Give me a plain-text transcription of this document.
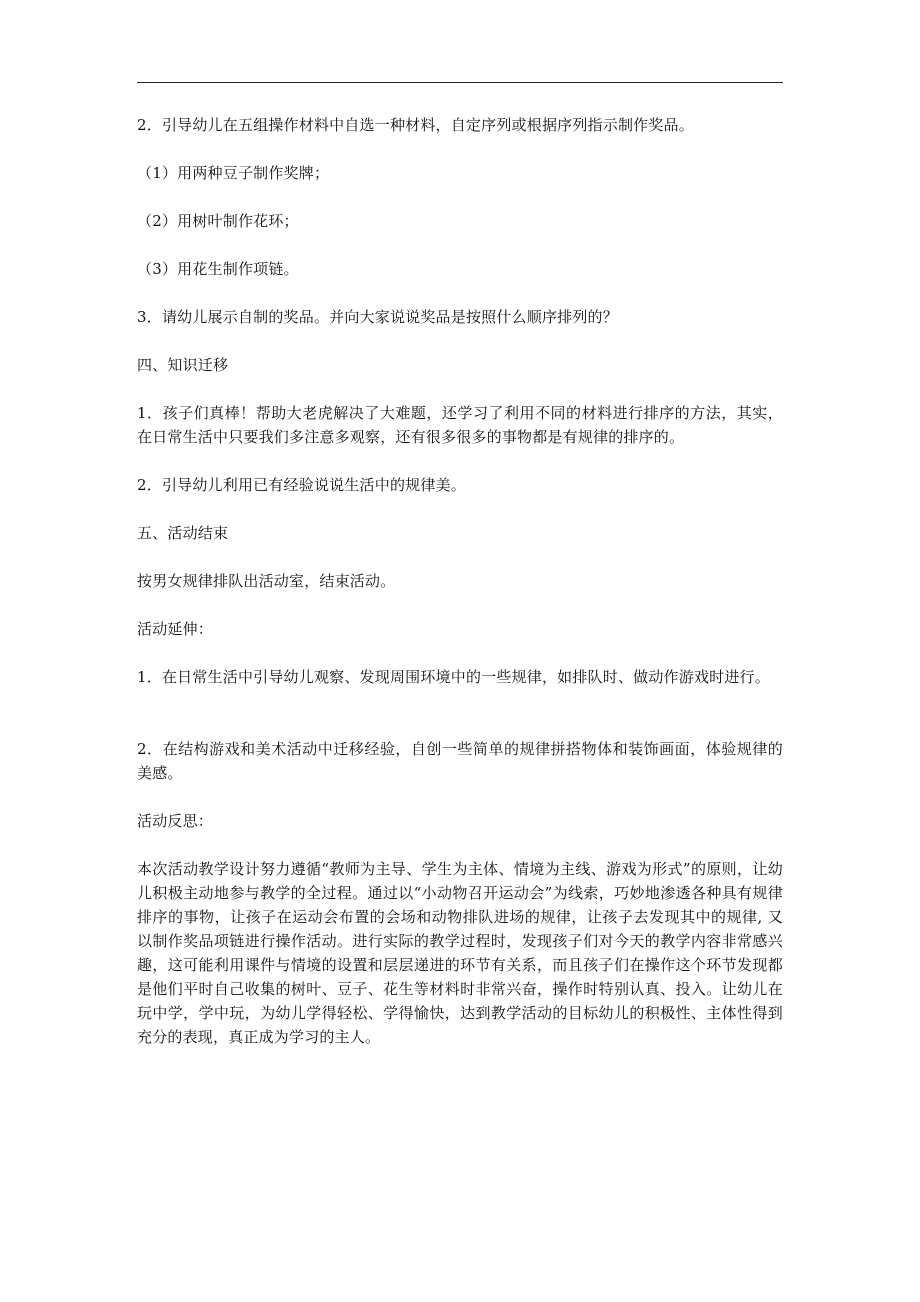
2．引导幼儿在五组操作材料中自选一种材料，自定序列或根据序列指示制作奖品。

（1）用两种豆子制作奖牌；

（2）用树叶制作花环；

（3）用花生制作项链。

3．请幼儿展示自制的奖品。并向大家说说奖品是按照什么顺序排列的？

四、知识迁移

1．孩子们真棒！帮助大老虎解决了大难题，还学习了利用不同的材料进行排序的方法，其实，在日常生活中只要我们多注意多观察，还有很多很多的事物都是有规律的排序的。

2．引导幼儿利用已有经验说说生活中的规律美。

五、活动结束

按男女规律排队出活动室，结束活动。

活动延伸：

1．在日常生活中引导幼儿观察、发现周围环境中的一些规律，如排队时、做动作游戏时进行。

2．在结构游戏和美术活动中迁移经验，自创一些简单的规律拼搭物体和装饰画面，体验规律的美感。

活动反思：

本次活动教学设计努力遵循“教师为主导、学生为主体、情境为主线、游戏为形式”的原则，让幼儿积极主动地参与教学的全过程。通过以“小动物召开运动会”为线索，巧妙地渗透各种具有规律排序的事物，让孩子在运动会布置的会场和动物排队进场的规律，让孩子去发现其中的规律, 又以制作奖品项链进行操作活动。进行实际的教学过程时，发现孩子们对今天的教学内容非常感兴趣，这可能利用课件与情境的设置和层层递进的环节有关系，而且孩子们在操作这个环节发现都是他们平时自己收集的树叶、豆子、花生等材料时非常兴奋，操作时特别认真、投入。让幼儿在玩中学，学中玩，为幼儿学得轻松、学得愉快，达到教学活动的目标幼儿的积极性、主体性得到充分的表现，真正成为学习的主人。
